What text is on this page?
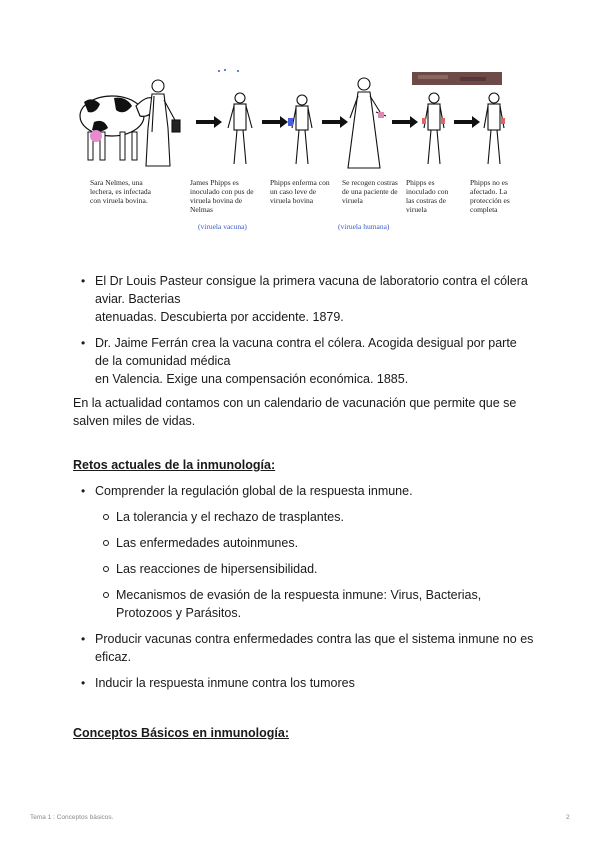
Sara Nelmes, una lechera, es infectada con viruela bovina.
James Phipps es inoculado con pus de viruela bovina de Nelmas
Phipps enferma con un caso leve de viruela bovina
Se recogen costras de una paciente de viruela
Phipps es inoculado con las costras de viruela
Phipps no es afectado. La protección es completa
(viruela vacuna)	(viruela humana)
• El Dr Louis Pasteur consigue la primera vacuna de laboratorio contra el cólera aviar. Bacterias
atenuadas. Descubierta por accidente. 1879.
• Dr. Jaime Ferrán crea la vacuna contra el cólera. Acogida desigual por parte de la comunidad médica
en Valencia. Exige una compensación económica. 1885.

En la actualidad contamos con un calendario de vacunación que permite que se salven miles de vidas.

Retos actuales de la inmunología:

• Comprender la regulación global de la respuesta inmune.
La tolerancia y el rechazo de trasplantes.
Las enfermedades autoinmunes.
Las reacciones de hipersensibilidad.
Mecanismos de evasión de la respuesta inmune: Virus, Bacterias, Protozoos y Parásitos.
• Producir vacunas contra enfermedades contra las que el sistema inmune no es eficaz.
• Inducir la respuesta inmune contra los tumores

Conceptos Básicos en inmunología:

Tema 1 : Conceptos básicos.	2
